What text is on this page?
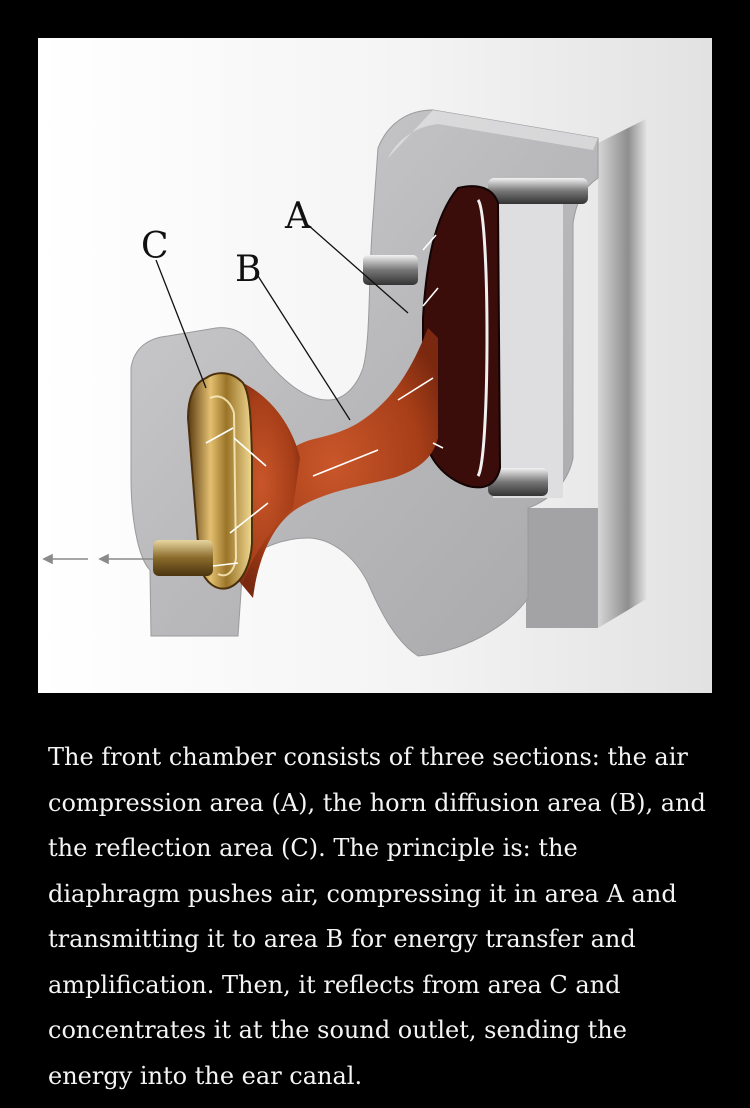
A
B
C

The front chamber consists of three sections: the air compression area (A), the horn diffusion area (B), and the reflection area (C). The principle is: the diaphragm pushes air, compressing it in area A and transmitting it to area B for energy transfer and amplification. Then, it reflects from area C and concentrates it at the sound outlet, sending the energy into the ear canal.
